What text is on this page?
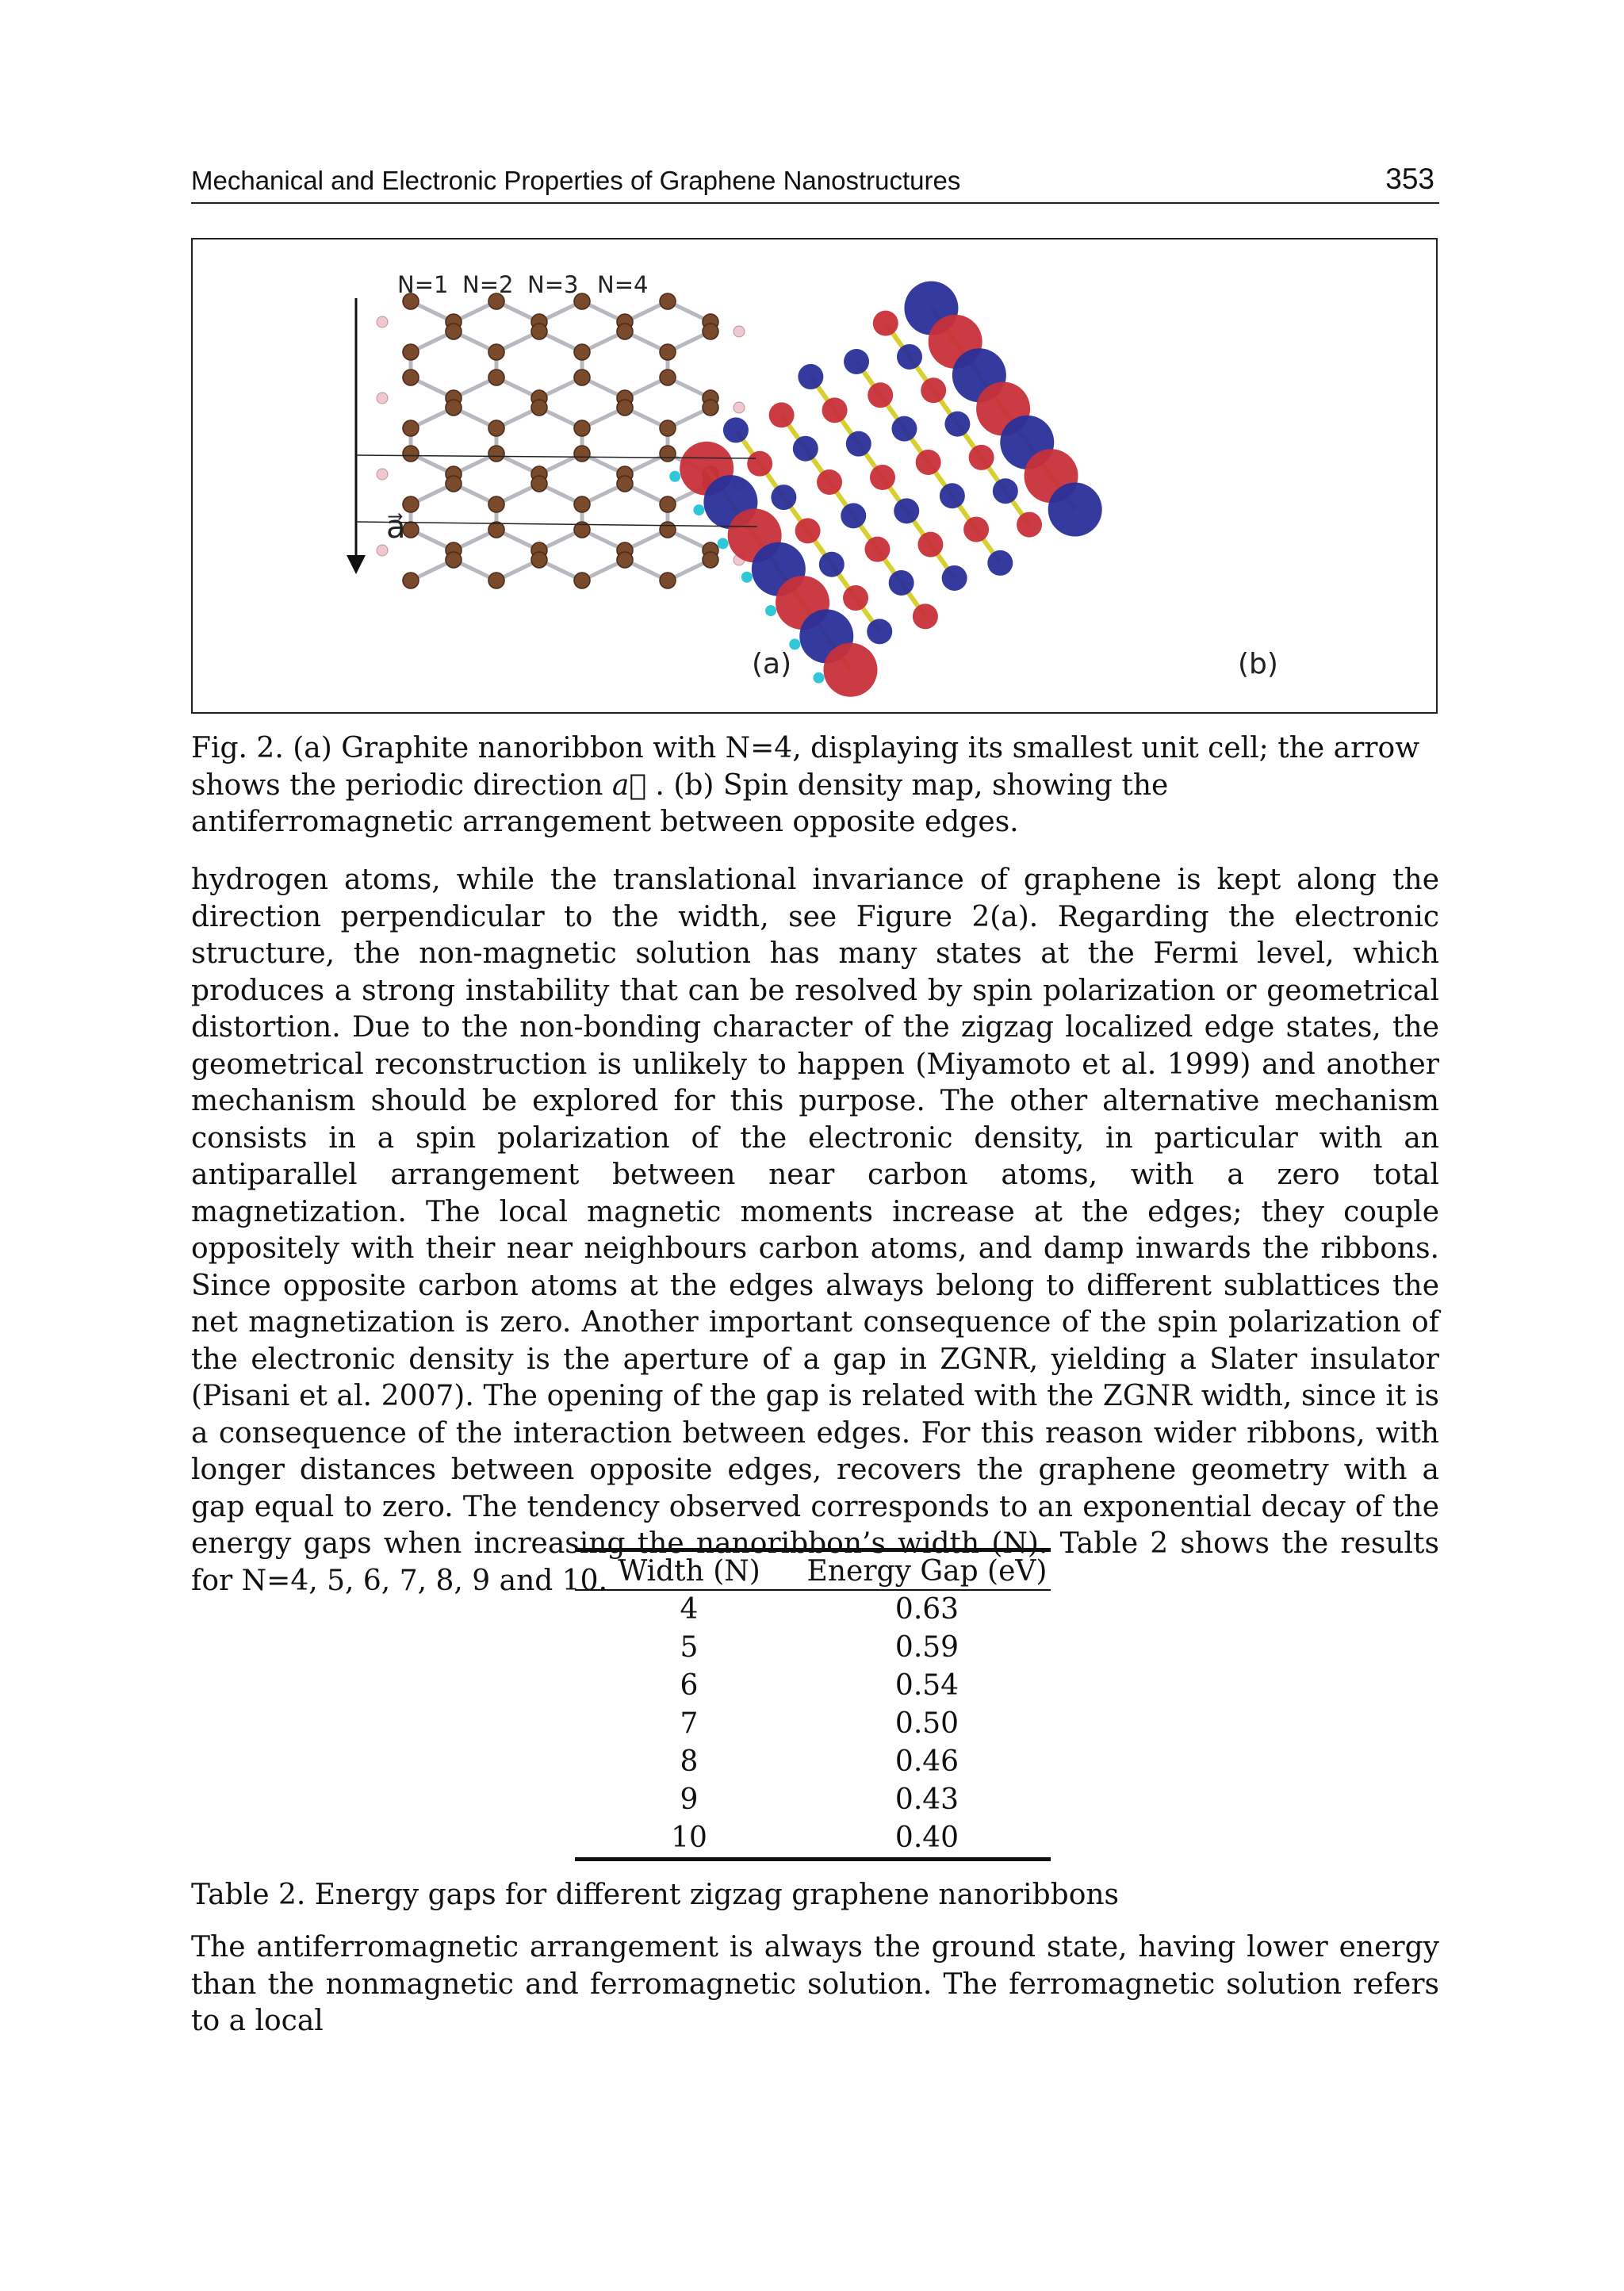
Mechanical and Electronic Properties of Graphene Nanostructures	353
N=1 N=2 N=3 N=4
a⃗
(a)	(b)
Fig. 2. (a) Graphite nanoribbon with N=4, displaying its smallest unit cell; the arrow shows the periodic direction a⃗ . (b) Spin density map, showing the antiferromagnetic arrangement between opposite edges.
hydrogen atoms, while the translational invariance of graphene is kept along the direction perpendicular to the width, see Figure 2(a). Regarding the electronic structure, the non-magnetic solution has many states at the Fermi level, which produces a strong instability that can be resolved by spin polarization or geometrical distortion. Due to the non-bonding character of the zigzag localized edge states, the geometrical reconstruction is unlikely to happen (Miyamoto et al. 1999) and another mechanism should be explored for this purpose. The other alternative mechanism consists in a spin polarization of the electronic density, in particular with an antiparallel arrangement between near carbon atoms, with a zero total magnetization. The local magnetic moments increase at the edges; they couple oppositely with their near neighbours carbon atoms, and damp inwards the ribbons. Since opposite carbon atoms at the edges always belong to different sublattices the net magnetization is zero. Another important consequence of the spin polarization of the electronic density is the aperture of a gap in ZGNR, yielding a Slater insulator (Pisani et al. 2007). The opening of the gap is related with the ZGNR width, since it is a consequence of the interaction between edges. For this reason wider ribbons, with longer distances between opposite edges, recovers the graphene geometry with a gap equal to zero. The tendency observed corresponds to an exponential decay of the energy gaps when increasing the nanoribbon’s width (N). Table 2 shows the results for N=4, 5, 6, 7, 8, 9 and 10. Width (N)	Energy Gap (eV)
4	0.63
5	0.59
6	0.54
7	0.50
8	0.46
9	0.43
10	0.40
Table 2. Energy gaps for different zigzag graphene nanoribbons
The antiferromagnetic arrangement is always the ground state, having lower energy than the nonmagnetic and ferromagnetic solution. The ferromagnetic solution refers to a local
